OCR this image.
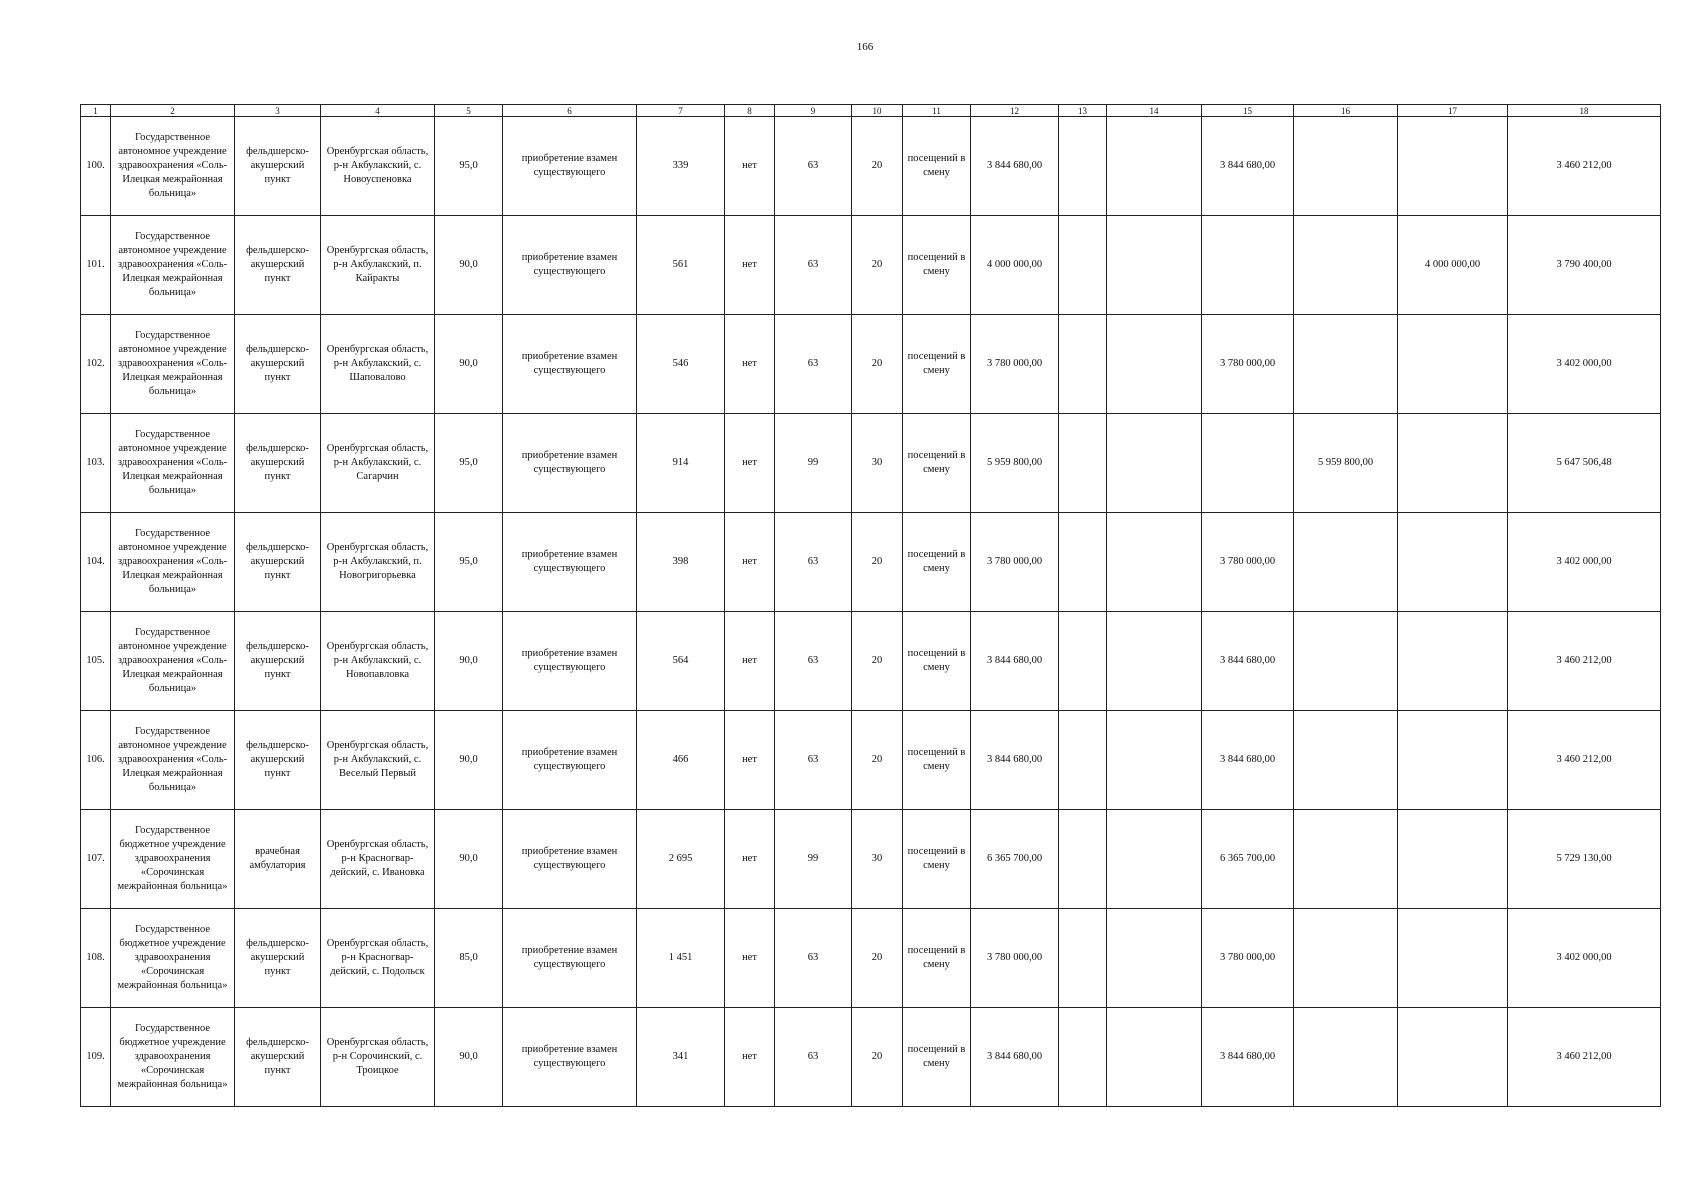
166
1	2	3	4	5	6	7	8	9	10	11	12	13	14	15	16	17	18
100.	Государственное автономное учреждение здравоохранения «Соль-Илецкая межрайонная больница»	фельдшерско-акушерский пункт	Оренбургская область, р-н Акбулакский, с. Новоуспеновка	95,0	приобретение взамен существующего	339	нет	63	20	посещений в смену	3 844 680,00			3 844 680,00			3 460 212,00
101.	Государственное автономное учреждение здравоохранения «Соль-Илецкая межрайонная больница»	фельдшерско-акушерский пункт	Оренбургская область, р-н Акбулакский, п. Кайракты	90,0	приобретение взамен существующего	561	нет	63	20	посещений в смену	4 000 000,00					4 000 000,00	3 790 400,00
102.	Государственное автономное учреждение здравоохранения «Соль-Илецкая межрайонная больница»	фельдшерско-акушерский пункт	Оренбургская область, р-н Акбулакский, с. Шаповалово	90,0	приобретение взамен существующего	546	нет	63	20	посещений в смену	3 780 000,00			3 780 000,00			3 402 000,00
103.	Государственное автономное учреждение здравоохранения «Соль-Илецкая межрайонная больница»	фельдшерско-акушерский пункт	Оренбургская область, р-н Акбулакский, с. Сагарчин	95,0	приобретение взамен существующего	914	нет	99	30	посещений в смену	5 959 800,00				5 959 800,00		5 647 506,48
104.	Государственное автономное учреждение здравоохранения «Соль-Илецкая межрайонная больница»	фельдшерско-акушерский пункт	Оренбургская область, р-н Акбулакский, п. Новогригорьевка	95,0	приобретение взамен существующего	398	нет	63	20	посещений в смену	3 780 000,00			3 780 000,00			3 402 000,00
105.	Государственное автономное учреждение здравоохранения «Соль-Илецкая межрайонная больница»	фельдшерско-акушерский пункт	Оренбургская область, р-н Акбулакский, с. Новопавловка	90,0	приобретение взамен существующего	564	нет	63	20	посещений в смену	3 844 680,00			3 844 680,00			3 460 212,00
106.	Государственное автономное учреждение здравоохранения «Соль-Илецкая межрайонная больница»	фельдшерско-акушерский пункт	Оренбургская область, р-н Акбулакский, с. Веселый Первый	90,0	приобретение взамен существующего	466	нет	63	20	посещений в смену	3 844 680,00			3 844 680,00			3 460 212,00
107.	Государственное бюджетное учреждение здравоохранения «Сорочинская межрайонная больница»	врачебная амбулатория	Оренбургская область, р-н Красногвар-дейский, с. Ивановка	90,0	приобретение взамен существующего	2 695	нет	99	30	посещений в смену	6 365 700,00			6 365 700,00			5 729 130,00
108.	Государственное бюджетное учреждение здравоохранения «Сорочинская межрайонная больница»	фельдшерско-акушерский пункт	Оренбургская область, р-н Красногвар-дейский, с. Подольск	85,0	приобретение взамен существующего	1 451	нет	63	20	посещений в смену	3 780 000,00			3 780 000,00			3 402 000,00
109.	Государственное бюджетное учреждение здравоохранения «Сорочинская межрайонная больница»	фельдшерско-акушерский пункт	Оренбургская область, р-н Сорочинский, с. Троицкое	90,0	приобретение взамен существующего	341	нет	63	20	посещений в смену	3 844 680,00			3 844 680,00			3 460 212,00
